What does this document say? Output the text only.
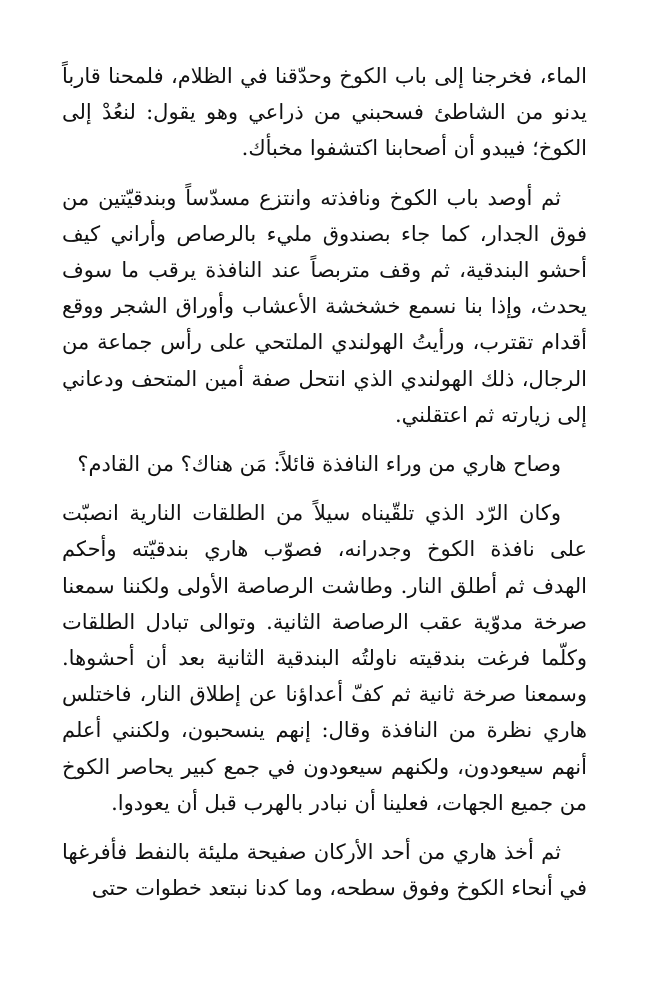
الماء، فخرجنا إلى باب الكوخ وحدّقنا في الظلام، فلمحنا قارباً يدنو من الشاطئ فسحبني من ذراعي وهو يقول: لنعُدْ إلى الكوخ؛ فيبدو أن أصحابنا اكتشفوا مخبأك.

ثم أوصد باب الكوخ ونافذته وانتزع مسدّساً وبندقيّتين من فوق الجدار، كما جاء بصندوق مليء بالرصاص وأراني كيف أحشو البندقية، ثم وقف متربصاً عند النافذة يرقب ما سوف يحدث، وإذا بنا نسمع خشخشة الأعشاب وأوراق الشجر ووقع أقدام تقترب، ورأيتُ الهولندي الملتحي على رأس جماعة من الرجال، ذلك الهولندي الذي انتحل صفة أمين المتحف ودعاني إلى زيارته ثم اعتقلني.

وصاح هاري من وراء النافذة قائلاً: مَن هناك؟ من القادم؟

وكان الرّد الذي تلقّيناه سيلاً من الطلقات النارية انصبّت على نافذة الكوخ وجدرانه، فصوّب هاري بندقيّته وأحكم الهدف ثم أطلق النار. وطاشت الرصاصة الأولى ولكننا سمعنا صرخة مدوّية عقب الرصاصة الثانية. وتوالى تبادل الطلقات وكلّما فرغت بندقيته ناولتُه البندقية الثانية بعد أن أحشوها. وسمعنا صرخة ثانية ثم كفّ أعداؤنا عن إطلاق النار، فاختلس هاري نظرة من النافذة وقال: إنهم ينسحبون، ولكنني أعلم أنهم سيعودون، ولكنهم سيعودون في جمع كبير يحاصر الكوخ من جميع الجهات، فعلينا أن نبادر بالهرب قبل أن يعودوا.

ثم أخذ هاري من أحد الأركان صفيحة مليئة بالنفط فأفرغها في أنحاء الكوخ وفوق سطحه، وما كدنا نبتعد خطوات حتى
